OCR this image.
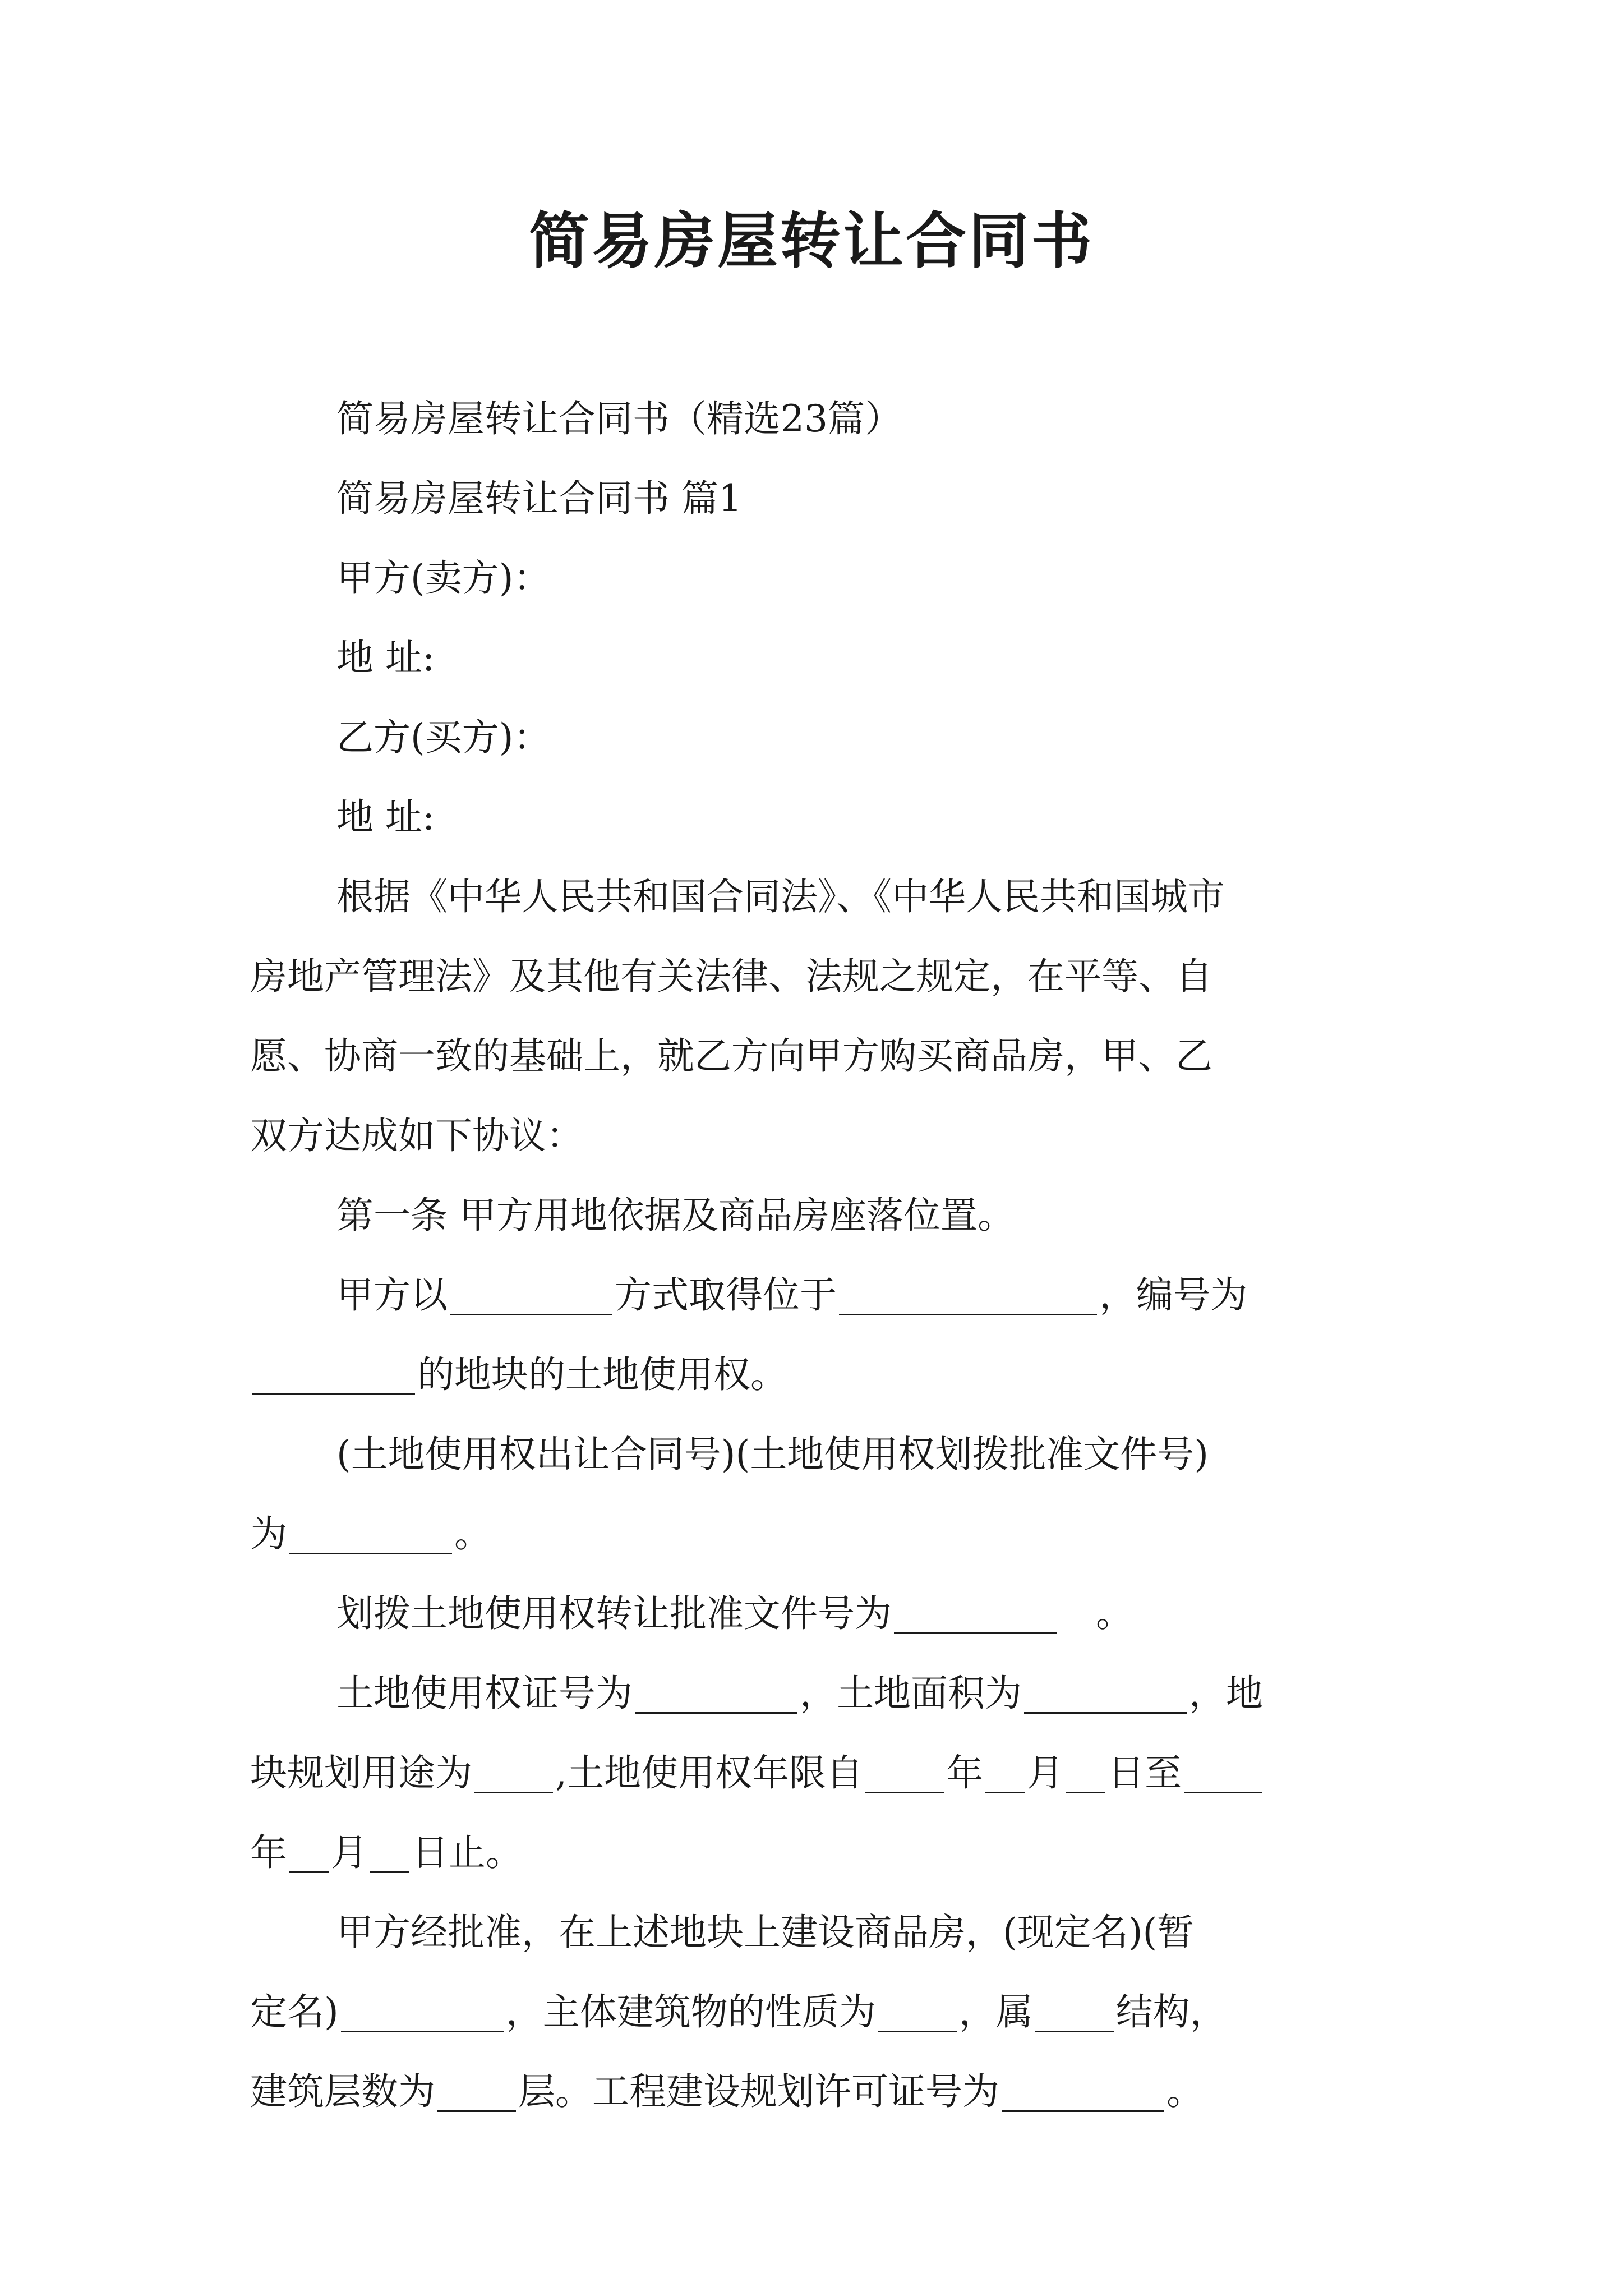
简易房屋转让合同书
简易房屋转让合同书（精选23篇）
简易房屋转让合同书 篇1
甲方(卖方)：
地 址:
乙方(买方)：
地 址:
根据《中华人民共和国合同法》、《中华人民共和国城市
房地产管理法》及其他有关法律、法规之规定，在平等、自
愿、协商一致的基础上，就乙方向甲方购买商品房，甲、乙
双方达成如下协议：
第一条 甲方用地依据及商品房座落位置。
甲方以	方式取得位于	，编号为
的地块的土地使用权。
(土地使用权出让合同号)(土地使用权划拨批准文件号)
为	。
划拨土地使用权转让批准文件号为	。
土地使用权证号为	，土地面积为	，地
块规划用途为 ,土地使用权年限自 年 月 日至
年 月 日止。
甲方经批准，在上述地块上建设商品房，(现定名)(暂
定名)	，主体建筑物的性质为 ，属 结构，
建筑层数为 层。工程建设规划许可证号为	。
